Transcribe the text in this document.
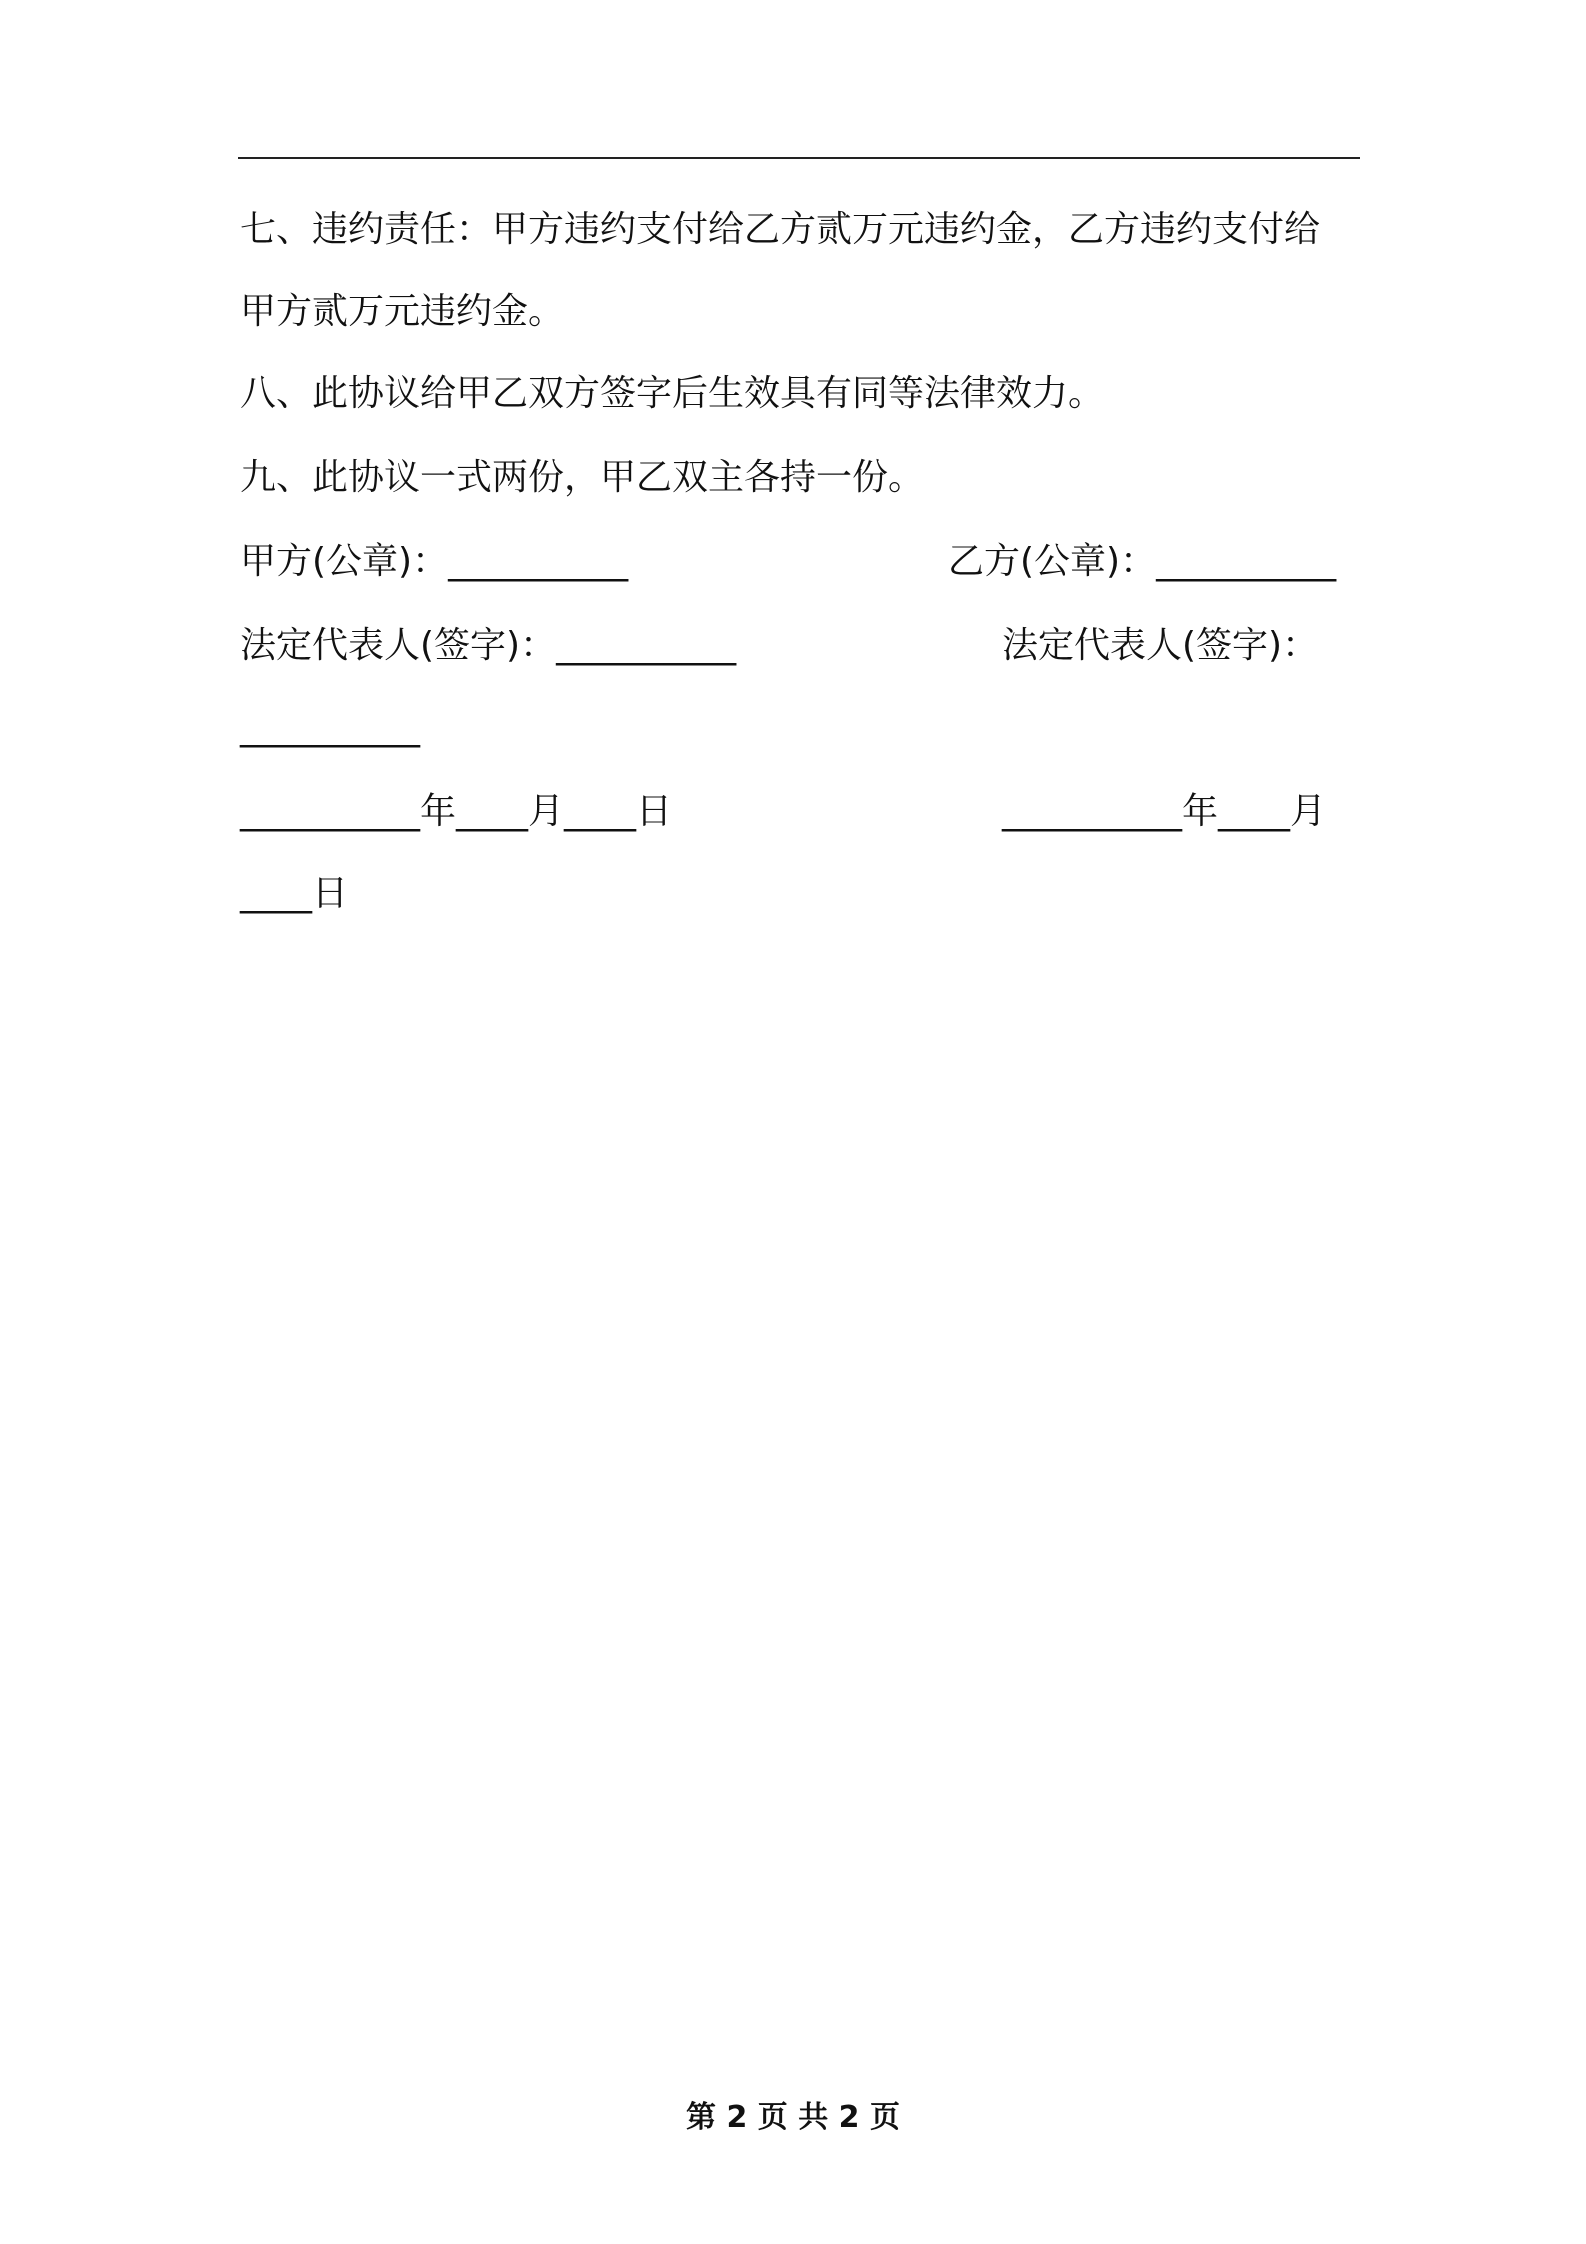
七、违约责任：甲方违约支付给乙方贰万元违约金，乙方违约支付给
甲方贰万元违约金。
八、此协议给甲乙双方签字后生效具有同等法律效力。
九、此协议一式两份，甲乙双主各持一份。
甲方(公章)：__________	乙方(公章)：__________
法定代表人(签字)：__________	法定代表人(签字)：
__________
__________年____月____日	__________年____月
____日
第 2 页 共 2 页
